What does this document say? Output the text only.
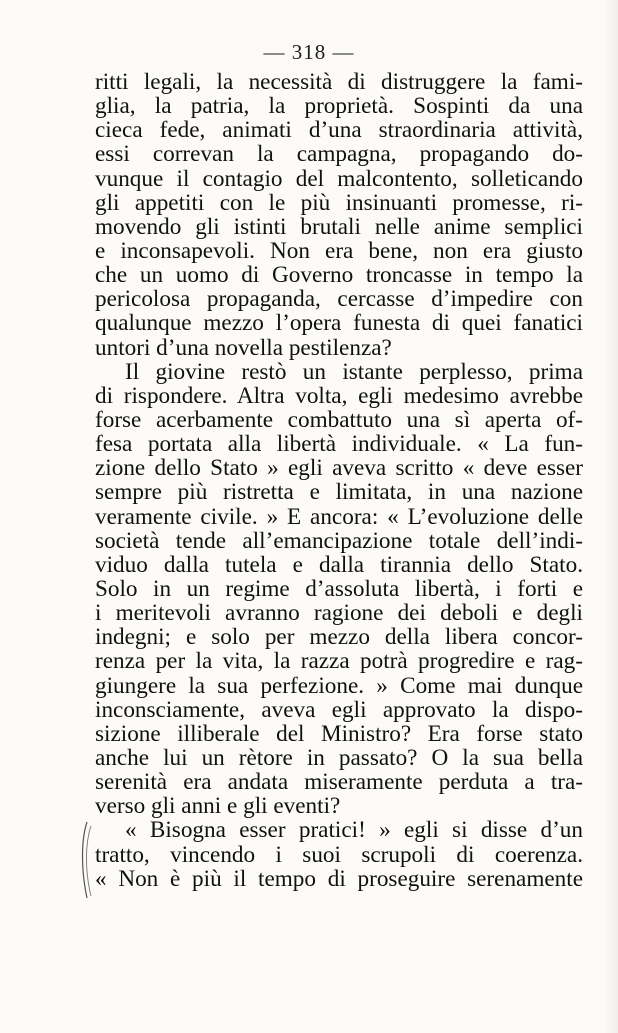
— 318 —
ritti legali, la necessità di distruggere la fami-
glia, la patria, la proprietà. Sospinti da una
cieca fede, animati d’una straordinaria attività,
essi correvan la campagna, propagando do-
vunque il contagio del malcontento, solleticando
gli appetiti con le più insinuanti promesse, ri-
movendo gli istinti brutali nelle anime semplici
e inconsapevoli. Non era bene, non era giusto
che un uomo di Governo troncasse in tempo la
pericolosa propaganda, cercasse d’impedire con
qualunque mezzo l’opera funesta di quei fanatici
untori d’una novella pestilenza?
Il giovine restò un istante perplesso, prima
di rispondere. Altra volta, egli medesimo avrebbe
forse acerbamente combattuto una sì aperta of-
fesa portata alla libertà individuale. « La fun-
zione dello Stato » egli aveva scritto « deve esser
sempre più ristretta e limitata, in una nazione
veramente civile. » E ancora: « L’evoluzione delle
società tende all’emancipazione totale dell’indi-
viduo dalla tutela e dalla tirannia dello Stato.
Solo in un regime d’assoluta libertà, i forti e
i meritevoli avranno ragione dei deboli e degli
indegni; e solo per mezzo della libera concor-
renza per la vita, la razza potrà progredire e rag-
giungere la sua perfezione. » Come mai dunque
inconsciamente, aveva egli approvato la dispo-
sizione illiberale del Ministro? Era forse stato
anche lui un rètore in passato? O la sua bella
serenità era andata miseramente perduta a tra-
verso gli anni e gli eventi?
« Bisogna esser pratici! » egli si disse d’un
tratto, vincendo i suoi scrupoli di coerenza.
« Non è più il tempo di proseguire serenamente
